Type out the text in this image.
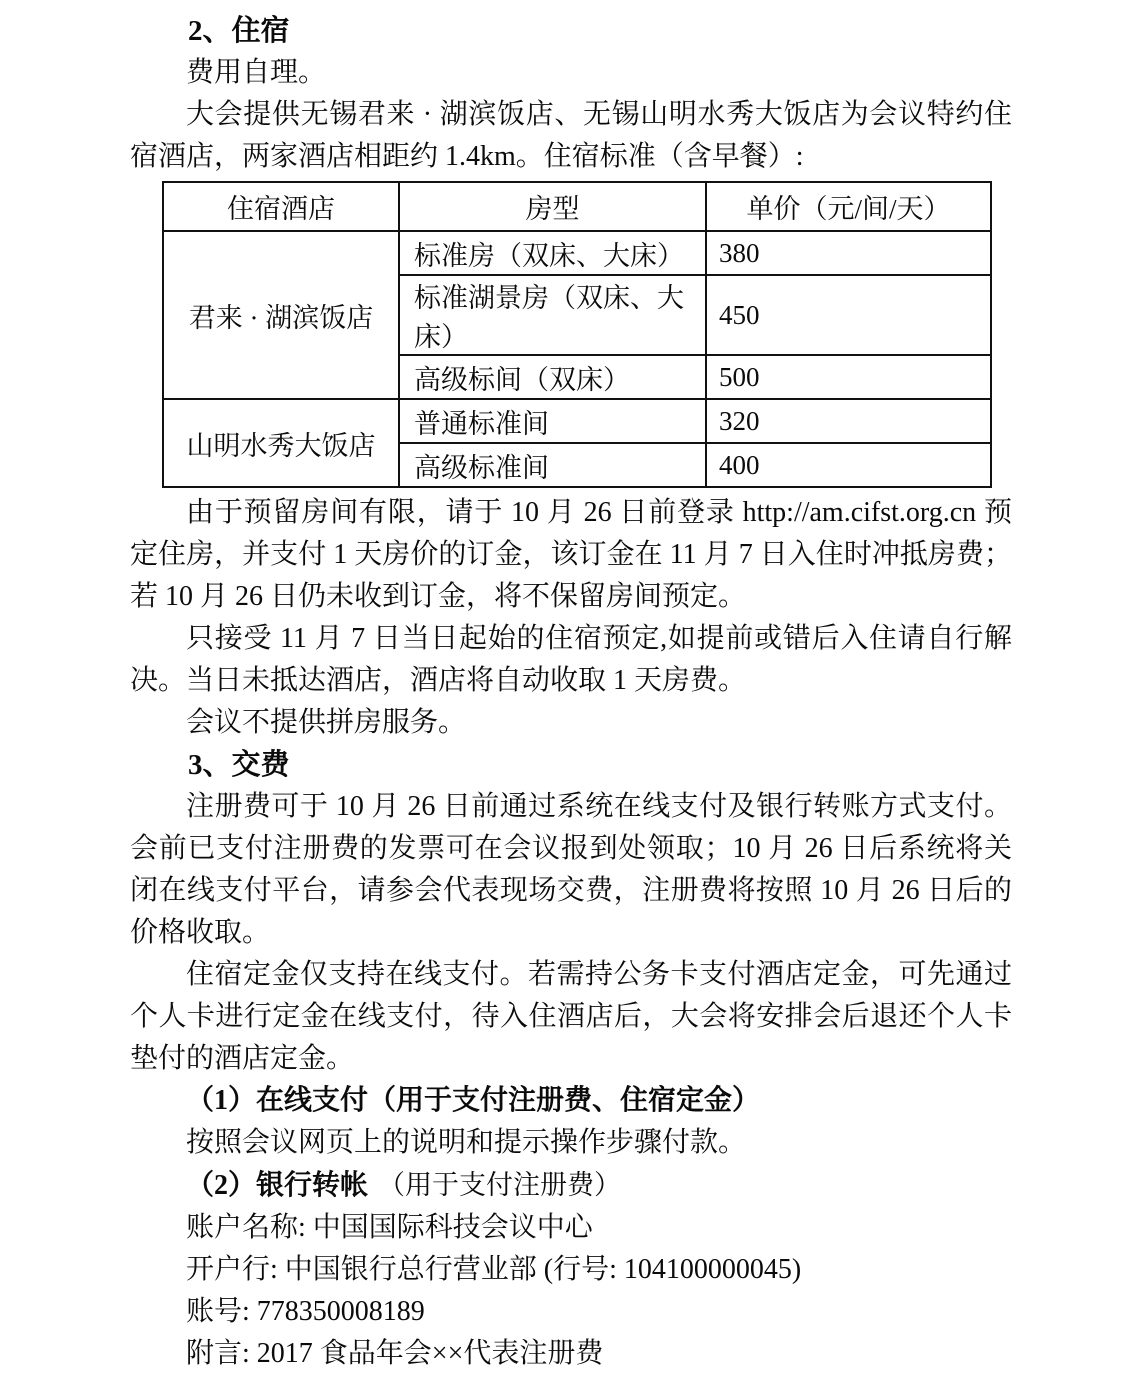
2、住宿

费用自理。

大会提供无锡君来 · 湖滨饭店、无锡山明水秀大饭店为会议特约住宿酒店，两家酒店相距约 1.4km。住宿标准（含早餐）:

住宿酒店	房型	单价（元/间/天）
君来 · 湖滨饭店	标准房（双床、大床）	380
	标准湖景房（双床、大床）	450
	高级标间（双床）	500
山明水秀大饭店	普通标准间	320
	高级标准间	400

由于预留房间有限，请于 10 月 26 日前登录 http://am.cifst.org.cn 预定住房，并支付 1 天房价的订金，该订金在 11 月 7 日入住时冲抵房费；若 10 月 26 日仍未收到订金，将不保留房间预定。

只接受 11 月 7 日当日起始的住宿预定,如提前或错后入住请自行解决。当日未抵达酒店，酒店将自动收取 1 天房费。

会议不提供拼房服务。

3、交费

注册费可于 10 月 26 日前通过系统在线支付及银行转账方式支付。会前已支付注册费的发票可在会议报到处领取；10 月 26 日后系统将关闭在线支付平台，请参会代表现场交费，注册费将按照 10 月 26 日后的价格收取。

住宿定金仅支持在线支付。若需持公务卡支付酒店定金，可先通过个人卡进行定金在线支付，待入住酒店后，大会将安排会后退还个人卡垫付的酒店定金。

（1）在线支付（用于支付注册费、住宿定金）

按照会议网页上的说明和提示操作步骤付款。

（2）银行转帐 （用于支付注册费）

账户名称: 中国国际科技会议中心

开户行: 中国银行总行营业部 (行号: 104100000045)

账号: 778350008189

附言: 2017 食品年会××代表注册费
